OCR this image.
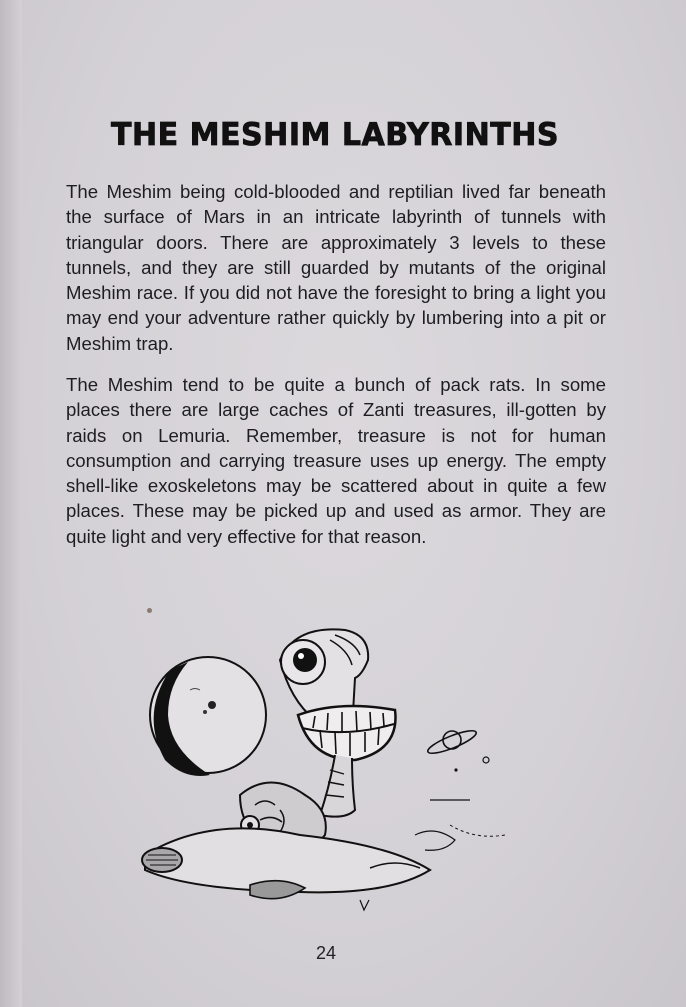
THE MESHIM LABYRINTHS

The Meshim being cold-blooded and reptilian lived far beneath the surface of Mars in an intricate labyrinth of tunnels with triangular doors. There are approximately 3 levels to these tunnels, and they are still guarded by mutants of the original Meshim race. If you did not have the foresight to bring a light you may end your adventure rather quickly by lumbering into a pit or Meshim trap.

The Meshim tend to be quite a bunch of pack rats. In some places there are large caches of Zanti treasures, ill-gotten by raids on Lemuria. Remember, treasure is not for human consumption and carrying treasure uses up energy. The empty shell-like exoskeletons may be scattered about in quite a few places. These may be picked up and used as armor. They are quite light and very effective for that reason.

24
